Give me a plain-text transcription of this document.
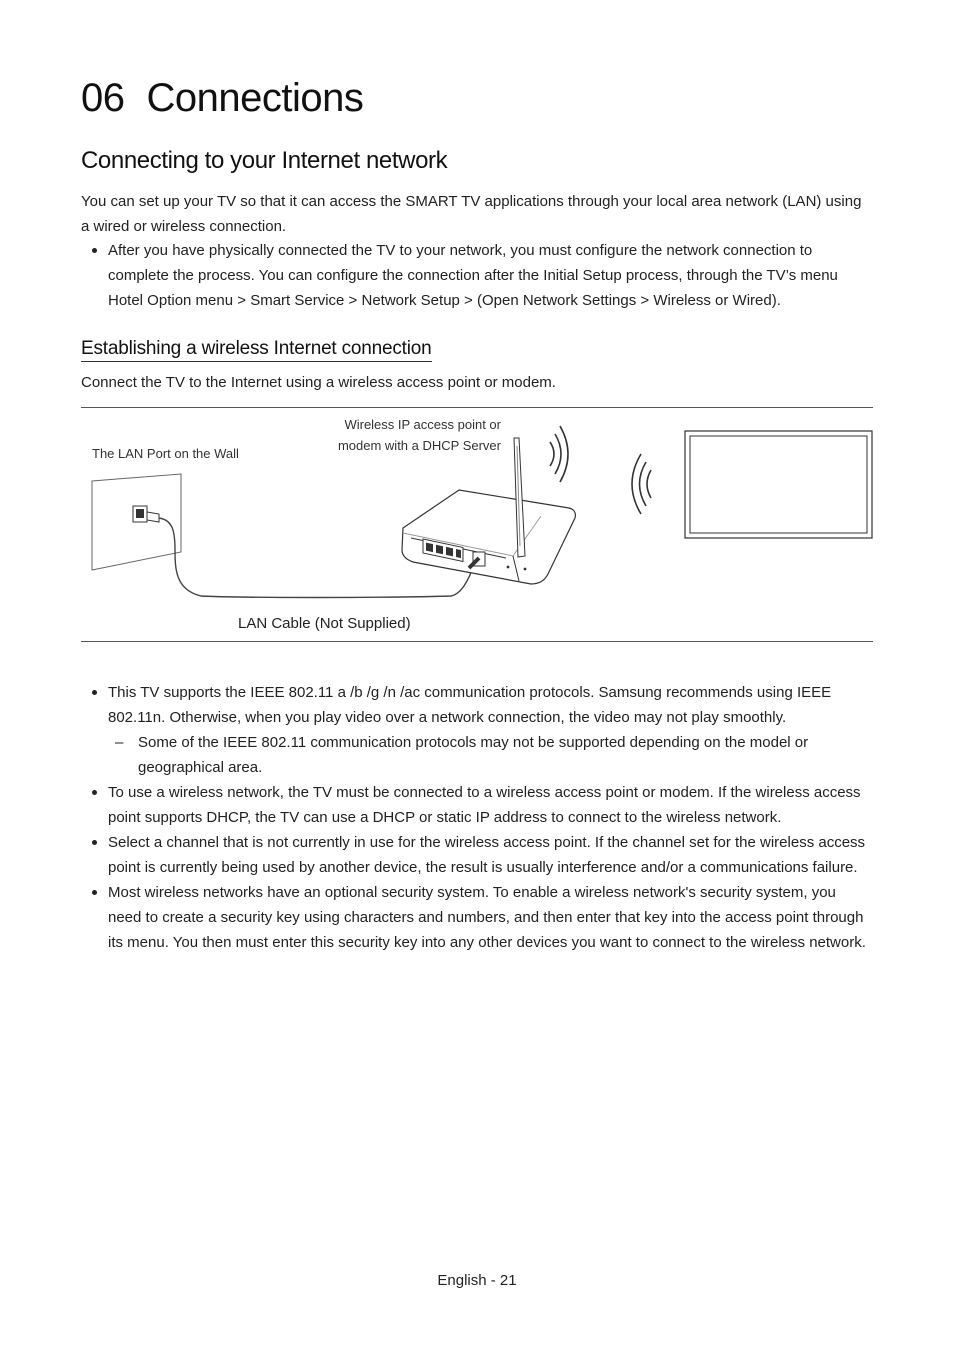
06 Connections
Connecting to your Internet network

You can set up your TV so that it can access the SMART TV applications through your local area network (LAN) using a wired or wireless connection.

After you have physically connected the TV to your network, you must configure the network connection to complete the process. You can configure the connection after the Initial Setup process, through the TV’s menu Hotel Option menu > Smart Service > Network Setup > (Open Network Settings > Wireless or Wired).
Establishing a wireless Internet connection

Connect the TV to the Internet using a wireless access point or modem.

The LAN Port on the Wall
Wireless IP access point or
modem with a DHCP Server
LAN Cable (Not Supplied)
This TV supports the IEEE 802.11 a /b /g /n /ac communication protocols. Samsung recommends using IEEE 802.11n. Otherwise, when you play video over a network connection, the video may not play smoothly.
– Some of the IEEE 802.11 communication protocols may not be supported depending on the model or geographical area.
To use a wireless network, the TV must be connected to a wireless access point or modem. If the wireless access point supports DHCP, the TV can use a DHCP or static IP address to connect to the wireless network.
Select a channel that is not currently in use for the wireless access point. If the channel set for the wireless access point is currently being used by another device, the result is usually interference and/or a communications failure.
Most wireless networks have an optional security system. To enable a wireless network's security system, you need to create a security key using characters and numbers, and then enter that key into the access point through its menu. You then must enter this security key into any other devices you want to connect to the wireless network.
English - 21
